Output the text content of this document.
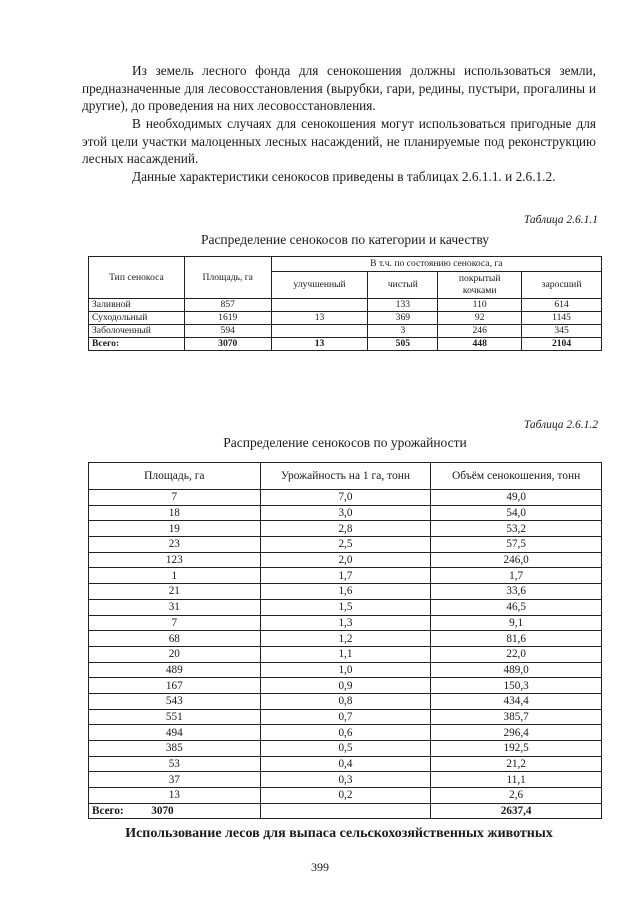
Из земель лесного фонда для сенокошения должны использоваться земли, предназначенные для лесовосстановления (вырубки, гари, редины, пустыри, прогалины и другие), до проведения на них лесовосстановления.

В необходимых случаях для сенокошения могут использоваться пригодные для этой цели участки малоценных лесных насаждений, не планируемые под реконструкцию лесных насаждений.

Данные характеристики сенокосов приведены в таблицах 2.6.1.1. и 2.6.1.2.

Таблица 2.6.1.1
Распределение сенокосов по категории и качеству
Тип сенокоса	Площадь, га	В т.ч. по состоянию сенокоса, га			
		улучшенный	чистый	покрытый кочками	заросший
Заливной	857		133	110	614
Суходольный	1619	13	369	92	1145
Заболоченный	594		3	246	345
Всего:	3070	13	505	448	2104
Таблица 2.6.1.2
Распределение сенокосов по урожайности
Площадь, га	Урожайность на 1 га, тонн	Объём сенокошения, тонн
7	7,0	49,0
18	3,0	54,0
19	2,8	53,2
23	2,5	57,5
123	2,0	246,0
1	1,7	1,7
21	1,6	33,6
31	1,5	46,5
7	1,3	9,1
68	1,2	81,6
20	1,1	22,0
489	1,0	489,0
167	0,9	150,3
543	0,8	434,4
551	0,7	385,7
494	0,6	296,4
385	0,5	192,5
53	0,4	21,2
37	0,3	11,1
13	0,2	2,6
Всего: 3070		2637,4
Использование лесов для выпаса сельскохозяйственных животных
399
